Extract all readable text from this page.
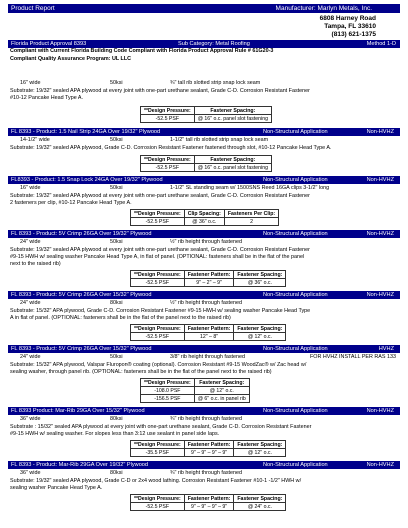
Product Report	Manufacturer: Marlyn Metals, Inc.
6808 Harney Road
Tampa, FL 33610
(813) 621-1375
Florida Product Approval 8393	Sub Category: Metal Roofing	Method 1-D
Compliant with Current Florida Building Code Compliant with Florida Product Approval Rule # 61G20-3
Compliant Quality Assurance Program: UL LLC
16" wide	50ksi	¾" tall rib slotted strip snap lock seam
Substrate: 19/32" sealed APA plywood at every joint with one-part urethane sealant, Grade C-D. Corrosion Resistant Fastener
#10-12 Pancake Head Type A.
**Design Pressure:	Fastener Spacing:
-52.5 PSF	@ 16" o.c. panel slot fastening
FL 8393 - Product: 1.5 Nail Strip 24GA Over 19/32" Plywood	Non-Structural Application	Non-HVHZ
14-1/2" wide	50ksi	1-1/2" tall rib slotted strip snap lock seam
Substrate: 19/32" sealed APA plywood, Grade C-D. Corrosion Resistant Fastener fastened through slot, #10-12 Pancake Head Type A.
**Design Pressure:	Fastener Spacing:
-52.5 PSF	@ 16" o.c. panel slot fastening
FL8393 - Product: 1.5 Snap Lock 24GA Over 19/32" Plywood	Non-Structural Application	Non-HVHZ
16" wide	50ksi	1-1/2" SL standing seam w/ 1500SNS Reed 16GA clips 3-1/2" long
Substrate: 19/32" sealed APA plywood at every joint with one-part urethane sealant, Grade C-D. Corrosion Resistant Fastener
2 fasteners per clip, #10-12 Pancake Head Type A.
**Design Pressure:	Clip Spacing:	Fasteners Per Clip:
-52.5 PSF	@ 36" o.c.	2
FL 8393 - Product: 5V Crimp 26GA Over 19/32" Plywood	Non-Structural Application	Non-HVHZ
24" wide	50ksi	½" rib height through fastened
Substrate: 19/32" sealed APA plywood at every joint with one-part urethane sealant, Grade C-D. Corrosion Resistant Fastener
#9-15 HWH w/ sealing washer Pancake Head Type A, in flat of panel. (OPTIONAL: fasteners shall be in the flat of the panel
next to the raised rib)
**Design Pressure:	Fastener Pattern:	Fastener Spacing:
-52.5 PSF	9" – 2" – 9"	@ 36" o.c.
FL 8393 - Product: 5V Crimp 26GA Over 15/32" Plywood	Non-Structural Application	Non-HVHZ
24" wide	80ksi	½" rib height through fastened
Substrate: 15/32" APA plywood, Grade C-D. Corrosion Resistant Fastener #9-15 HWH w/ sealing washer Pancake Head Type
A in flat of panel. (OPTIONAL: fasteners shall be in the flat of the panel next to the raised rib)
**Design Pressure:	Fastener Pattern:	Fastener Spacing:
-52.5 PSF	12" – 8"	@ 12" o.c.
FL 8393 - Product: 5V Crimp 26GA Over 15/32" Plywood	Non-Structural Application	HVHZ
24" wide	50ksi	3/8" rib height through fastened	FOR HVHZ INSTALL PER RAS 133
Substrate: 15/32" APA plywood, Valspar Fluropon® coating (optional). Corrosion Resistant #9-15 WoodZac® w/ Zac head w/
sealing washer, through panel rib. (OPTIONAL: fasteners shall be in the flat of the panel next to the raised rib)
**Design Pressure:	Fastener Spacing:
-108.0 PSF	@ 12" o.c.
-156.5 PSF	@ 6" o.c. in panel rib
FL 8393 Product: Mar-Rib 29GA Over 15/32" Plywood	Non-Structural Application	Non-HVHZ
36" wide	80ksi	¾" rib height through fastened
Substrate : 15/32" sealed APA plywood at every joint with one-part urethane sealant, Grade C-D. Corrosion Resistant Fastener
#9-15 HWH w/ sealing washer. For slopes less than 3:12 use sealant in panel side laps.
**Design Pressure:	Fastener Pattern:	Fastener Spacing:
-35.5 PSF	9" – 9" – 9" – 9"	@ 12" o.c.
FL 8393 - Product: Mar-Rib 29GA Over 19/32" Plywood	Non-Structural Application	Non-HVHZ
36" wide	80ksi	¾" rib height through fastened
Substrate: 19/32" sealed APA plywood, Grade C-D or 2x4 wood lathing. Corrosion Resistant Fastener #10-1 -1/2" HWH w/
sealing washer Pancake Head Type A.
**Design Pressure:	Fastener Pattern:	Fastener Spacing:
-52.5 PSF	9" – 9" – 9" – 9"	@ 24" o.c.
